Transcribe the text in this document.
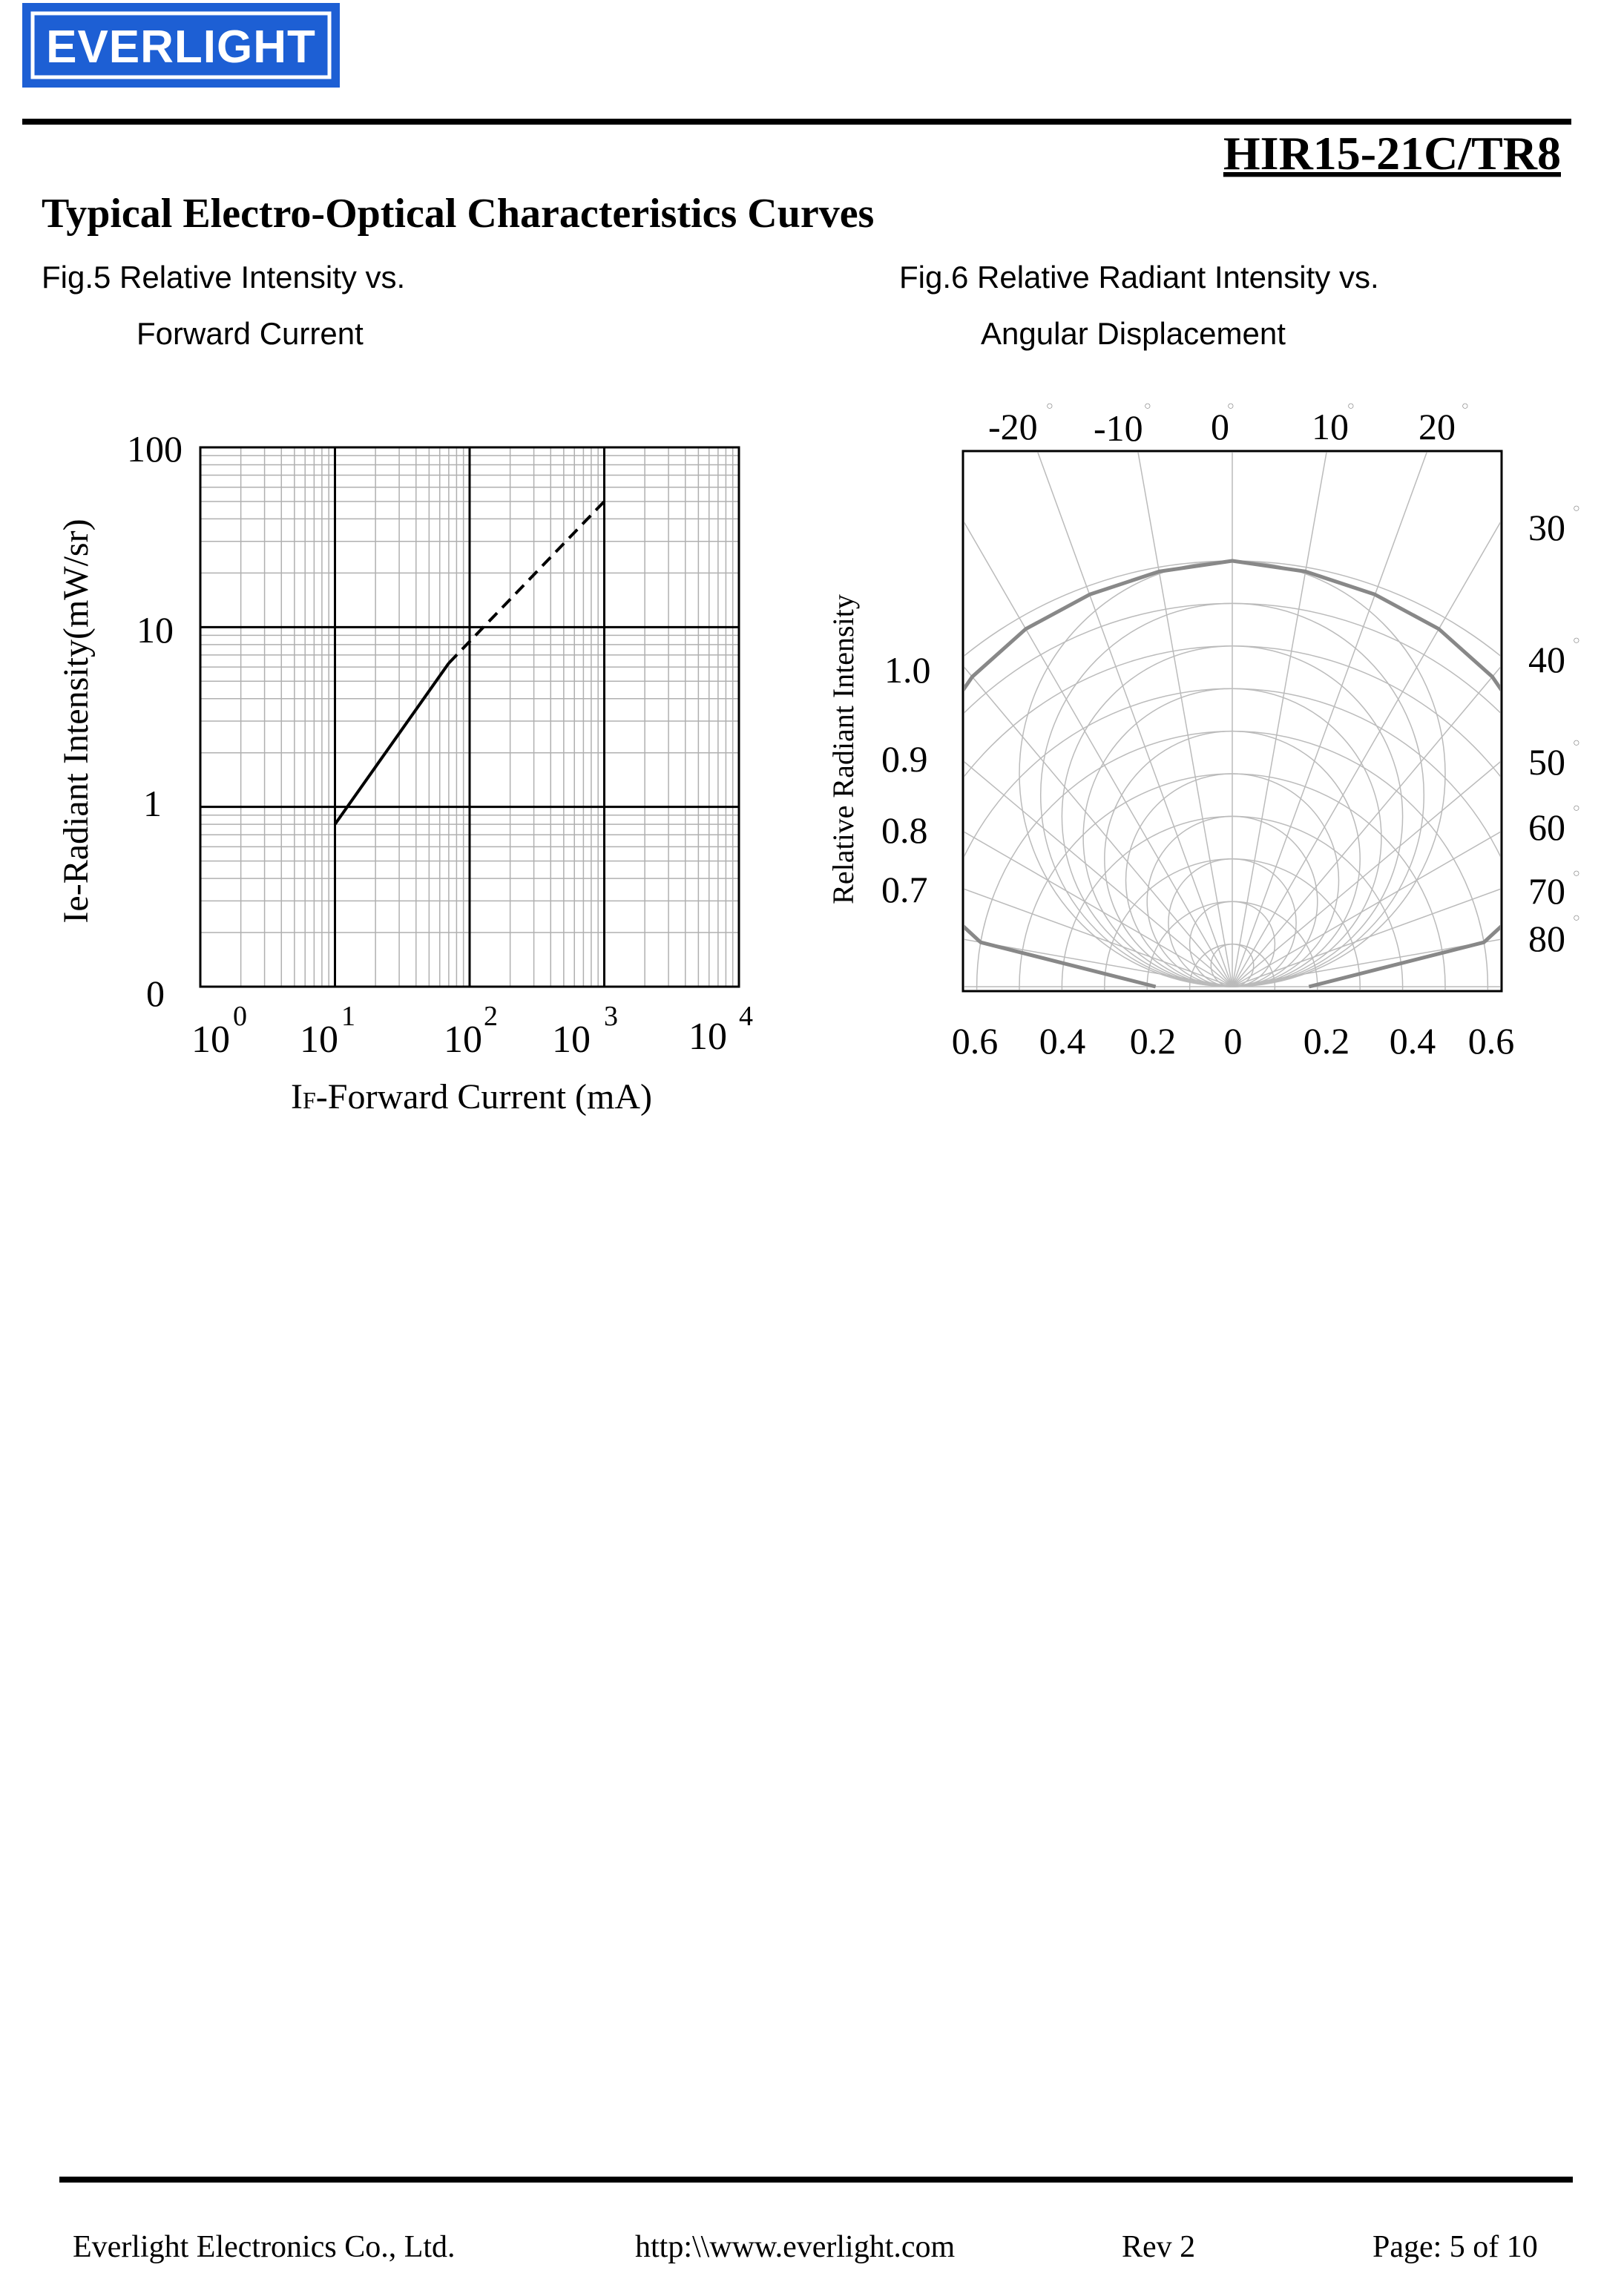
EVERLIGHT
HIR15-21C/TR8
Typical Electro-Optical Characteristics Curves
Fig.5 Relative Intensity vs.
Forward Current
100
10
1
0
Ie-Radiant Intensity(mW/sr)
10
0
10
1
10
2
10
3 10 4
IF-Forward Current (mA)
Fig.6 Relative Radiant Intensity vs.
Angular Displacement
-20 -10 0 10 20
○	○	○	○	○
30
40
50
60
70
80
○
○
○
○
○
○
1.0
0.9
0.8
0.7
Relative Radiant Intensity
0.6 0.4 0.2 0 0.2 0.4 0.6
Everlight Electronics Co., Ltd.	http:\\www.everlight.com	Rev 2	Page: 5 of 10
